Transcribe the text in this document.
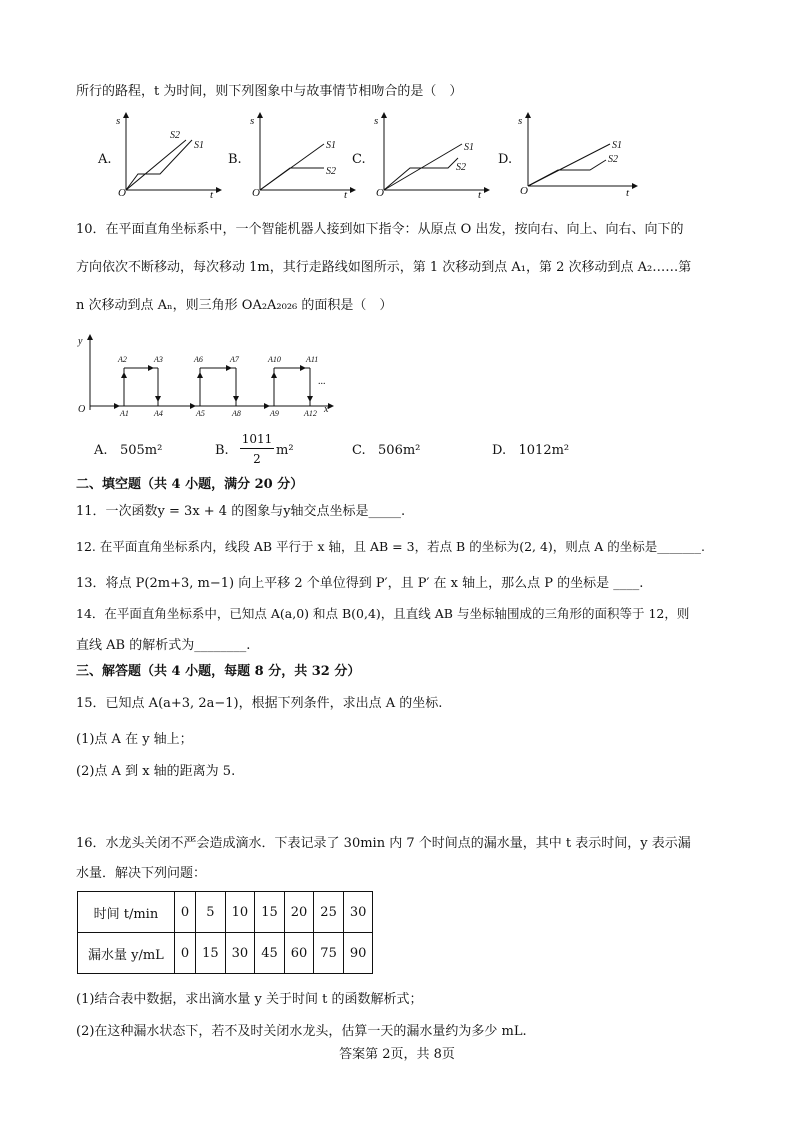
所行的路程，t 为时间，则下列图象中与故事情节相吻合的是（　）
A.
s
t
O
S2
S1
B.
s
t
O
S1
S2
C.
s
t
O
S1
S2
D.
s
t
O
S1
S2
10．在平面直角坐标系中，一个智能机器人接到如下指令：从原点 O 出发，按向右、向上、向右、向下的
方向依次不断移动，每次移动 1m，其行走路线如图所示，第 1 次移动到点 A₁，第 2 次移动到点 A₂……第
n 次移动到点 Aₙ，则三角形 OA₂A₂₀₂₆ 的面积是（　）
y
x
O
A2	A3	A6	A7	A10	A11
A1	A4	A5	A8	A9	A12
...
A. 505m²	B.
1011
2
m²	C. 506m²	D. 1012m²
二、填空题（共 4 小题，满分 20 分）
11．一次函数y = 3x + 4 的图象与y轴交点坐标是_____.
12. 在平面直角坐标系内，线段 AB 平行于 x 轴，且 AB = 3，若点 B 的坐标为(2, 4)，则点 A 的坐标是_______.
13．将点 P(2m+3, m−1) 向上平移 2 个单位得到 P′，且 P′ 在 x 轴上，那么点 P 的坐标是 ____.
14．在平面直角坐标系中，已知点 A(a,0) 和点 B(0,4)，且直线 AB 与坐标轴围成的三角形的面积等于 12，则
直线 AB 的解析式为________.
三、解答题（共 4 小题，每题 8 分，共 32 分）
15．已知点 A(a+3, 2a−1)，根据下列条件，求出点 A 的坐标.
(1)点 A 在 y 轴上；
(2)点 A 到 x 轴的距离为 5.
16．水龙头关闭不严会造成滴水．下表记录了 30min 内 7 个时间点的漏水量，其中 t 表示时间，y 表示漏
水量．解决下列问题：
时间 t/min	0	5	10	15	20	25	30
漏水量 y/mL	0	15	30	45	60	75	90
(1)结合表中数据，求出滴水量 y 关于时间 t 的函数解析式；
(2)在这种漏水状态下，若不及时关闭水龙头，估算一天的漏水量约为多少 mL.
答案第 2页，共 8页
